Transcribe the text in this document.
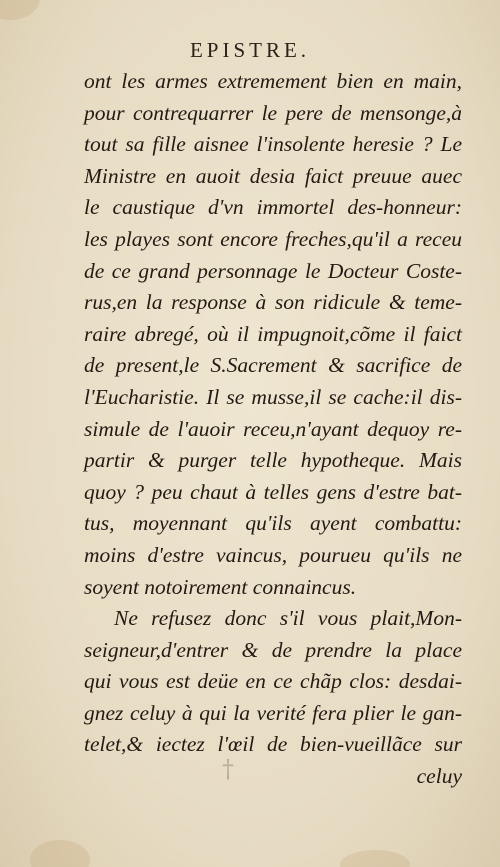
EPISTRE.
ont les armes extremement bien en main,
pour contrequarrer le pere de mensonge,à
tout sa fille aisnee l'insolente heresie ? Le
Ministre en auoit desia faict preuue auec
le caustique d'vn immortel des-honneur:
les playes sont encore freches,qu'il a receu
de ce grand personnage le Docteur Coste-
rus,en la response à son ridicule & teme-
raire abregé, où il impugnoit,cõme il faict
de present,le S.Sacrement & sacrifice de
l'Eucharistie. Il se musse,il se cache:il dis-
simule de l'auoir receu,n'ayant dequoy re-
partir & purger telle hypotheque. Mais
quoy ? peu chaut à telles gens d'estre bat-
tus, moyennant qu'ils ayent combattu:
moins d'estre vaincus, pourueu qu'ils ne
soyent notoirement connaincus.
Ne refusez donc s'il vous plait,Mon-
seigneur,d'entrer & de prendre la place
qui vous est deüe en ce chãp clos: desdai-
gnez celuy à qui la verité fera plier le gan-
telet,& iectez l'œil de bien-vueillãce sur
celuy
†
